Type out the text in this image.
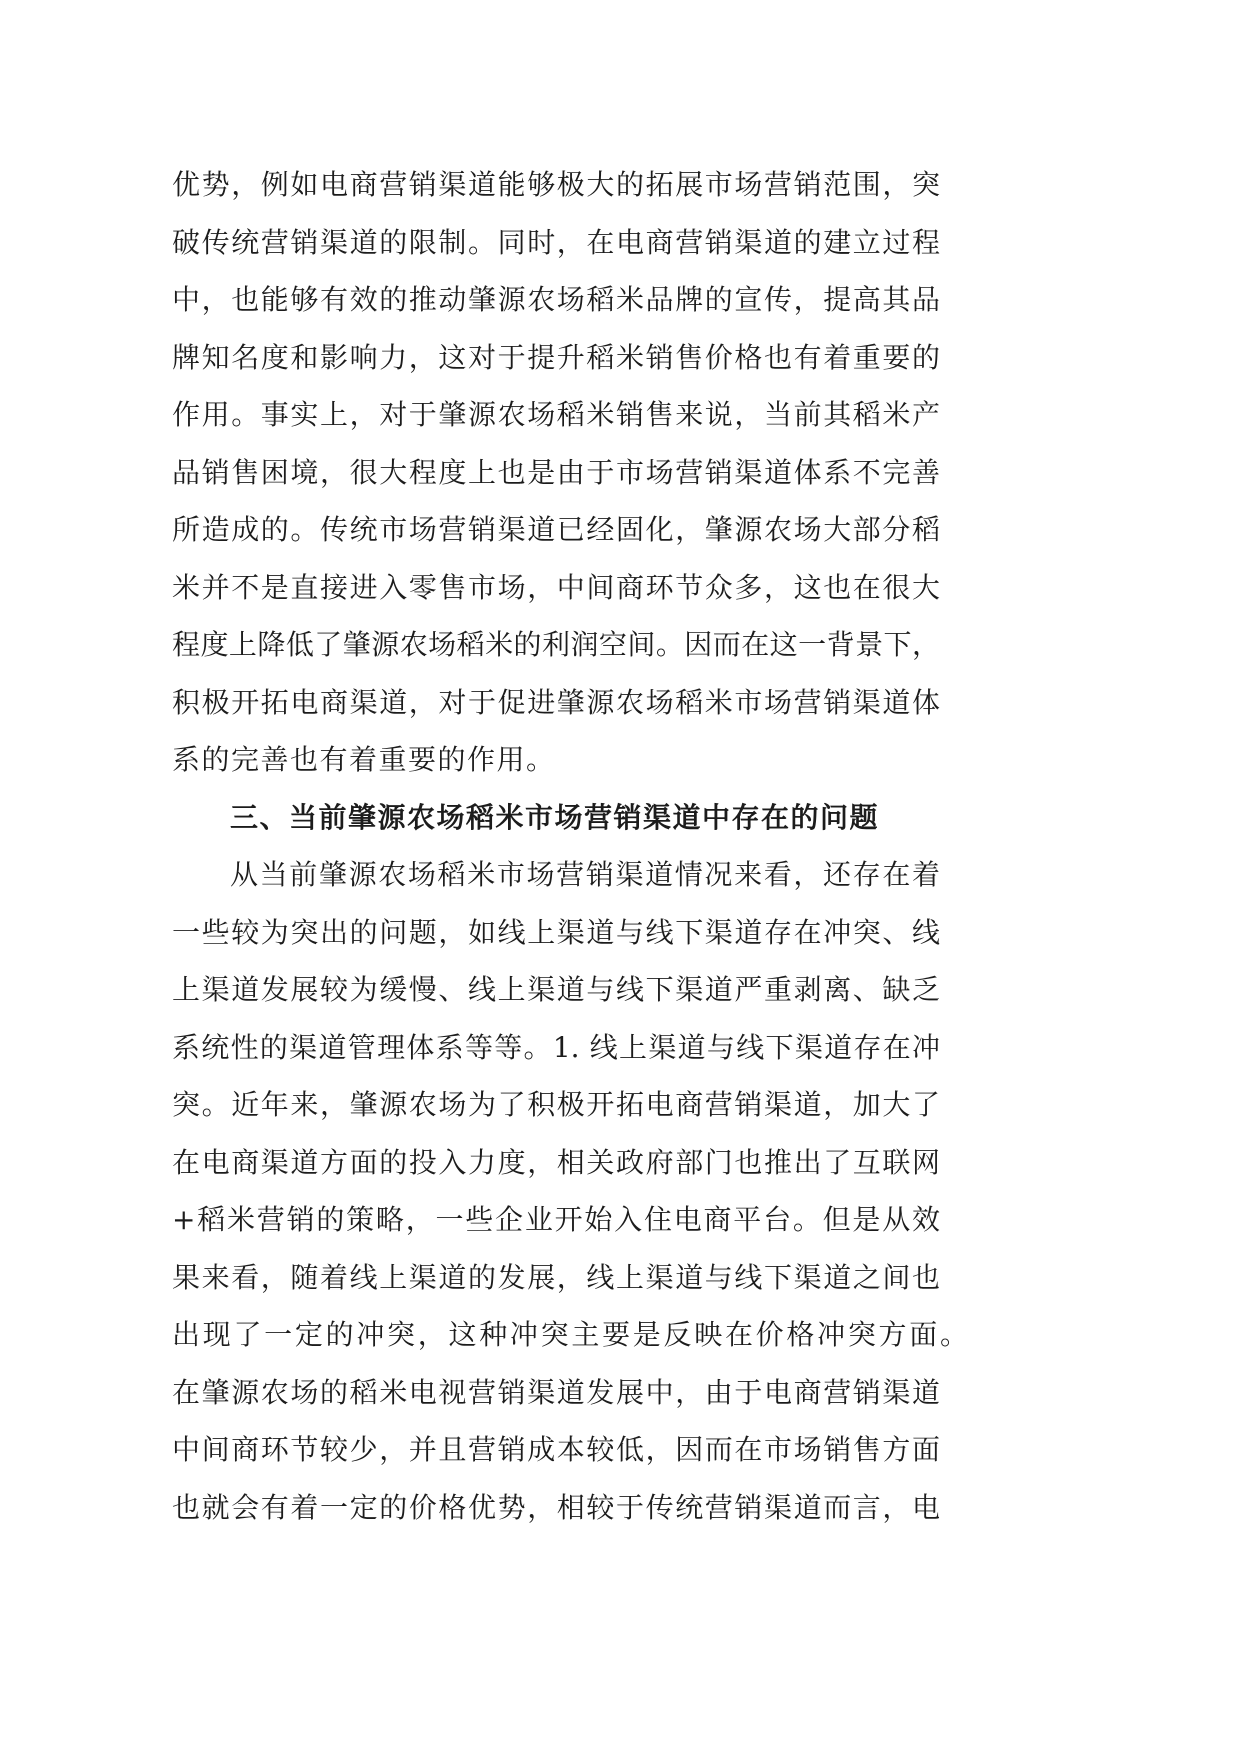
优势，例如电商营销渠道能够极大的拓展市场营销范围，突
破传统营销渠道的限制。同时，在电商营销渠道的建立过程
中，也能够有效的推动肇源农场稻米品牌的宣传，提高其品
牌知名度和影响力，这对于提升稻米销售价格也有着重要的
作用。事实上，对于肇源农场稻米销售来说，当前其稻米产
品销售困境，很大程度上也是由于市场营销渠道体系不完善
所造成的。传统市场营销渠道已经固化，肇源农场大部分稻
米并不是直接进入零售市场，中间商环节众多，这也在很大
程度上降低了肇源农场稻米的利润空间。因而在这一背景下，
积极开拓电商渠道，对于促进肇源农场稻米市场营销渠道体
系的完善也有着重要的作用。
三、当前肇源农场稻米市场营销渠道中存在的问题
从当前肇源农场稻米市场营销渠道情况来看，还存在着
一些较为突出的问题，如线上渠道与线下渠道存在冲突、线
上渠道发展较为缓慢、线上渠道与线下渠道严重剥离、缺乏
系统性的渠道管理体系等等。1. 线上渠道与线下渠道存在冲
突。近年来，肇源农场为了积极开拓电商营销渠道，加大了
在电商渠道方面的投入力度，相关政府部门也推出了互联网
+稻米营销的策略，一些企业开始入住电商平台。但是从效
果来看，随着线上渠道的发展，线上渠道与线下渠道之间也
出现了一定的冲突，这种冲突主要是反映在价格冲突方面。
在肇源农场的稻米电视营销渠道发展中，由于电商营销渠道
中间商环节较少，并且营销成本较低，因而在市场销售方面
也就会有着一定的价格优势，相较于传统营销渠道而言，电
